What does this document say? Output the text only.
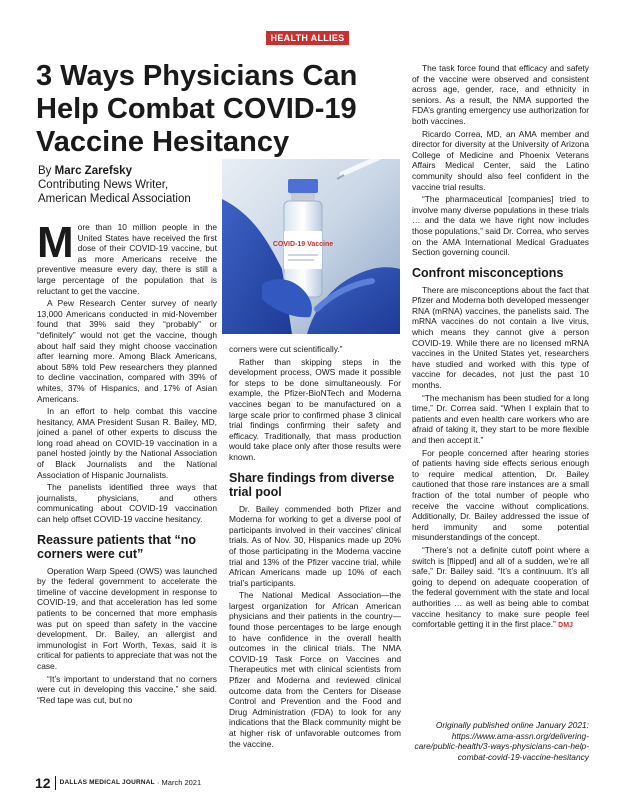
HEALTH ALLIES
3 Ways Physicians Can Help Combat COVID-19 Vaccine Hesitancy
By Marc Zarefsky
Contributing News Writer,
American Medical Association
COVID-19 Vaccine

More than 10 million people in the United States have received the first dose of their COVID-19 vaccine, but as more Americans receive the preventive measure every day, there is still a large percentage of the population that is reluctant to get the vaccine.

A Pew Research Center survey of nearly 13,000 Americans conducted in mid-November found that 39% said they “probably” or “definitely” would not get the vaccine, though about half said they might choose vaccination after learning more. Among Black Americans, about 58% told Pew researchers they planned to decline vaccination, compared with 39% of whites, 37% of Hispanics, and 17% of Asian Americans.

In an effort to help combat this vaccine hesitancy, AMA President Susan R. Bailey, MD, joined a panel of other experts to discuss the long road ahead on COVID-19 vaccination in a panel hosted jointly by the National Association of Black Journalists and the National Association of Hispanic Journalists.

The panelists identified three ways that journalists, physicians, and others communicating about COVID-19 vaccination can help offset COVID-19 vaccine hesitancy.

Reassure patients that “no corners were cut”

Operation Warp Speed (OWS) was launched by the federal government to accelerate the timeline of vaccine development in response to COVID-19, and that acceleration has led some patients to be concerned that more emphasis was put on speed than safety in the vaccine development. Dr. Bailey, an allergist and immunologist in Fort Worth, Texas, said it is critical for patients to appreciate that was not the case.

“It’s important to understand that no corners were cut in developing this vaccine,” she said. “Red tape was cut, but no

corners were cut scientifically.”

Rather than skipping steps in the development process, OWS made it possible for steps to be done simultaneously. For example, the Pfizer-BioNTech and Moderna vaccines began to be manufactured on a large scale prior to confirmed phase 3 clinical trial findings confirming their safety and efficacy. Traditionally, that mass production would take place only after those results were known.

Share findings from diverse trial pool

Dr. Bailey commended both Pfizer and Moderna for working to get a diverse pool of participants involved in their vaccines’ clinical trials. As of Nov. 30, Hispanics made up 20% of those participating in the Moderna vaccine trial and 13% of the Pfizer vaccine trial, while African Americans made up 10% of each trial’s participants.

The National Medical Association—the largest organization for African American physicians and their patients in the country—found those percentages to be large enough to have confidence in the overall health outcomes in the clinical trials. The NMA COVID-19 Task Force on Vaccines and Therapeutics met with clinical scientists from Pfizer and Moderna and reviewed clinical outcome data from the Centers for Disease Control and Prevention and the Food and Drug Administration (FDA) to look for any indications that the Black community might be at higher risk of unfavorable outcomes from the vaccine.

The task force found that efficacy and safety of the vaccine were observed and consistent across age, gender, race, and ethnicity in seniors. As a result, the NMA supported the FDA’s granting emergency use authorization for both vaccines.

Ricardo Correa, MD, an AMA member and director for diversity at the University of Arizona College of Medicine and Phoenix Veterans Affairs Medical Center, said the Latino community should also feel confident in the vaccine trial results.

“The pharmaceutical [companies] tried to involve many diverse populations in these trials … and the data we have right now includes those populations,” said Dr. Correa, who serves on the AMA International Medical Graduates Section governing council.

Confront misconceptions

There are misconceptions about the fact that Pfizer and Moderna both developed messenger RNA (mRNA) vaccines, the panelists said. The mRNA vaccines do not contain a live virus, which means they cannot give a person COVID-19. While there are no licensed mRNA vaccines in the United States yet, researchers have studied and worked with this type of vaccine for decades, not just the past 10 months.

“The mechanism has been studied for a long time,” Dr. Correa said. “When I explain that to patients and even health care workers who are afraid of taking it, they start to be more flexible and then accept it.”

For people concerned after hearing stories of patients having side effects serious enough to require medical attention, Dr. Bailey cautioned that those rare instances are a small fraction of the total number of people who receive the vaccine without complications. Additionally, Dr. Bailey addressed the issue of herd immunity and some potential misunderstandings of the concept.

“There’s not a definite cutoff point where a switch is [flipped] and all of a sudden, we’re all safe,” Dr. Bailey said. “It’s a continuum. It’s all going to depend on adequate cooperation of the federal government with the state and local authorities … as well as being able to combat vaccine hesitancy to make sure people feel comfortable getting it in the first place.” DMJ

Originally published online January 2021:
https://www.ama-assn.org/delivering-care/public-health/3-ways-physicians-can-help-combat-covid-19-vaccine-hesitancy
12 DALLAS MEDICAL JOURNAL · March 2021
